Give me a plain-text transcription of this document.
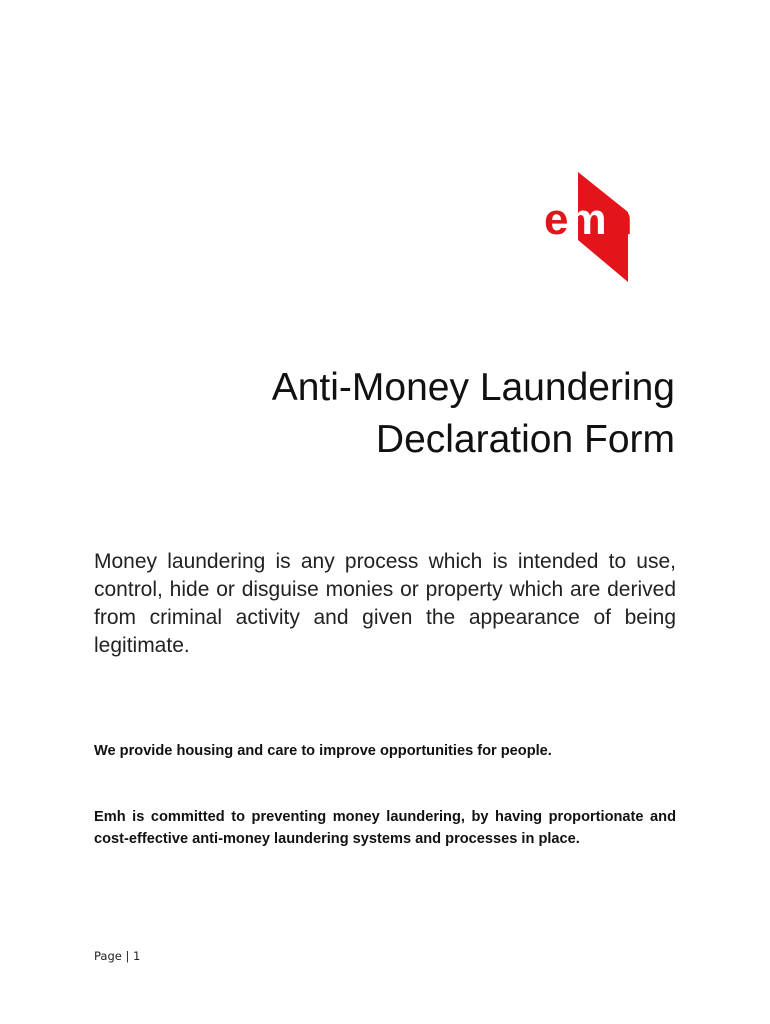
emh
Anti-Money Laundering
Declaration Form

Money laundering is any process which is intended to use, control, hide or disguise monies or property which are derived from criminal activity and given the appearance of being legitimate.

We provide housing and care to improve opportunities for people.

Emh is committed to preventing money laundering, by having proportionate and cost-effective anti-money laundering systems and processes in place.

Page | 1
